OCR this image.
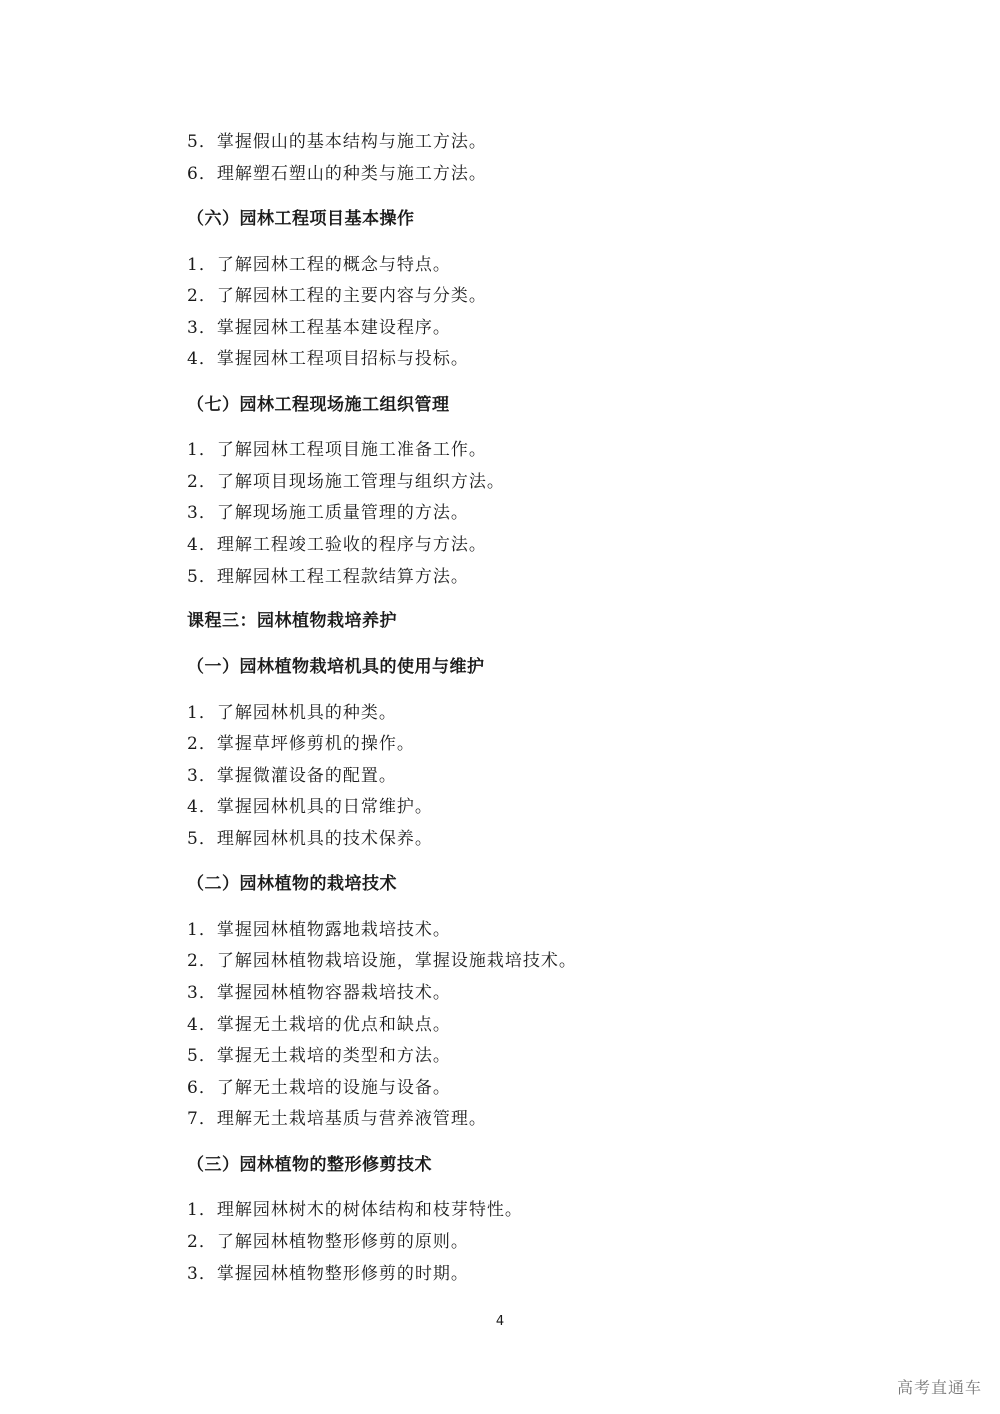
5．掌握假山的基本结构与施工方法。
6．理解塑石塑山的种类与施工方法。
（六）园林工程项目基本操作
1．了解园林工程的概念与特点。
2．了解园林工程的主要内容与分类。
3．掌握园林工程基本建设程序。
4．掌握园林工程项目招标与投标。
（七）园林工程现场施工组织管理
1．了解园林工程项目施工准备工作。
2．了解项目现场施工管理与组织方法。
3．了解现场施工质量管理的方法。
4．理解工程竣工验收的程序与方法。
5．理解园林工程工程款结算方法。
课程三：园林植物栽培养护
（一）园林植物栽培机具的使用与维护
1．了解园林机具的种类。
2．掌握草坪修剪机的操作。
3．掌握微灌设备的配置。
4．掌握园林机具的日常维护。
5．理解园林机具的技术保养。
（二）园林植物的栽培技术
1．掌握园林植物露地栽培技术。
2．了解园林植物栽培设施，掌握设施栽培技术。
3．掌握园林植物容器栽培技术。
4．掌握无土栽培的优点和缺点。
5．掌握无土栽培的类型和方法。
6．了解无土栽培的设施与设备。
7．理解无土栽培基质与营养液管理。
（三）园林植物的整形修剪技术
1．理解园林树木的树体结构和枝芽特性。
2．了解园林植物整形修剪的原则。
3．掌握园林植物整形修剪的时期。
4
高考直通车
